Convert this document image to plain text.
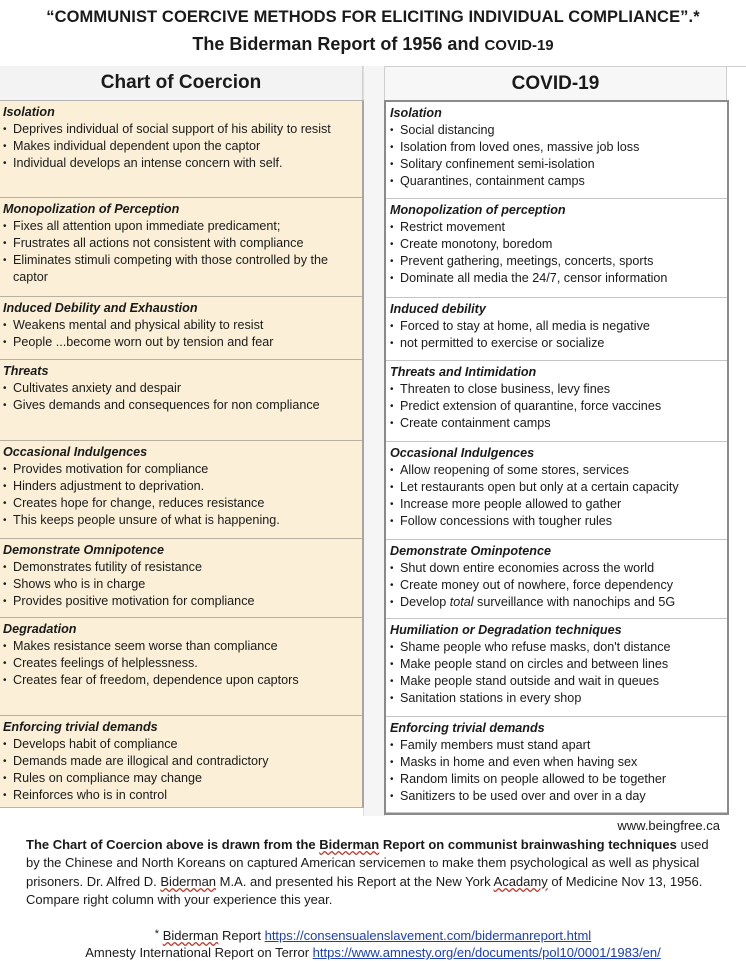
“COMMUNIST COERCIVE METHODS FOR ELICITING INDIVIDUAL COMPLIANCE”.*
The Biderman Report of 1956 and COVID-19
Chart of Coercion	COVID-19
Isolation
• Deprives individual of social support of his ability to resist
• Makes individual dependent upon the captor
• Individual develops an intense concern with self.
Monopolization of Perception
• Fixes all attention upon immediate predicament;
• Frustrates all actions not consistent with compliance
• Eliminates stimuli competing with those controlled by the captor
Induced Debility and Exhaustion
• Weakens mental and physical ability to resist
• People ...become worn out by tension and fear
Threats
• Cultivates anxiety and despair
• Gives demands and consequences for non compliance
Occasional Indulgences
• Provides motivation for compliance
• Hinders adjustment to deprivation.
• Creates hope for change, reduces resistance
• This keeps people unsure of what is happening.
Demonstrate Omnipotence
• Demonstrates futility of resistance
• Shows who is in charge
• Provides positive motivation for compliance
Degradation
• Makes resistance seem worse than compliance
• Creates feelings of helplessness.
• Creates fear of freedom, dependence upon captors
Enforcing trivial demands
• Develops habit of compliance
• Demands made are illogical and contradictory
• Rules on compliance may change
• Reinforces who is in control
Isolation
• Social distancing
• Isolation from loved ones, massive job loss
• Solitary confinement semi-isolation
• Quarantines, containment camps
Monopolization of perception
• Restrict movement
• Create monotony, boredom
• Prevent gathering, meetings, concerts, sports
• Dominate all media the 24/7, censor information
Induced debility
• Forced to stay at home, all media is negative
• not permitted to exercise or socialize
Threats and Intimidation
• Threaten to close business, levy fines
• Predict extension of quarantine, force vaccines
• Create containment camps
Occasional Indulgences
• Allow reopening of some stores, services
• Let restaurants open but only at a certain capacity
• Increase more people allowed to gather
• Follow concessions with tougher rules
Demonstrate Ominpotence
• Shut down entire economies across the world
• Create money out of nowhere, force dependency
• Develop total surveillance with nanochips and 5G
Humiliation or Degradation techniques
• Shame people who refuse masks, don't distance
• Make people stand on circles and between lines
• Make people stand outside and wait in queues
• Sanitation stations in every shop
Enforcing trivial demands
• Family members must stand apart
• Masks in home and even when having sex
• Random limits on people allowed to be together
• Sanitizers to be used over and over in a day
www.beingfree.ca
The Chart of Coercion above is drawn from the Biderman Report on communist brainwashing techniques used by the Chinese and North Koreans on captured American servicemen to make them psychological as well as physical prisoners. Dr. Alfred D. Biderman M.A. and presented his Report at the New York Acadamy of Medicine Nov 13, 1956. Compare right column with your experience this year.
* Biderman Report https://consensualenslavement.com/bidermanreport.html
Amnesty International Report on Terror https://www.amnesty.org/en/documents/pol10/0001/1983/en/
